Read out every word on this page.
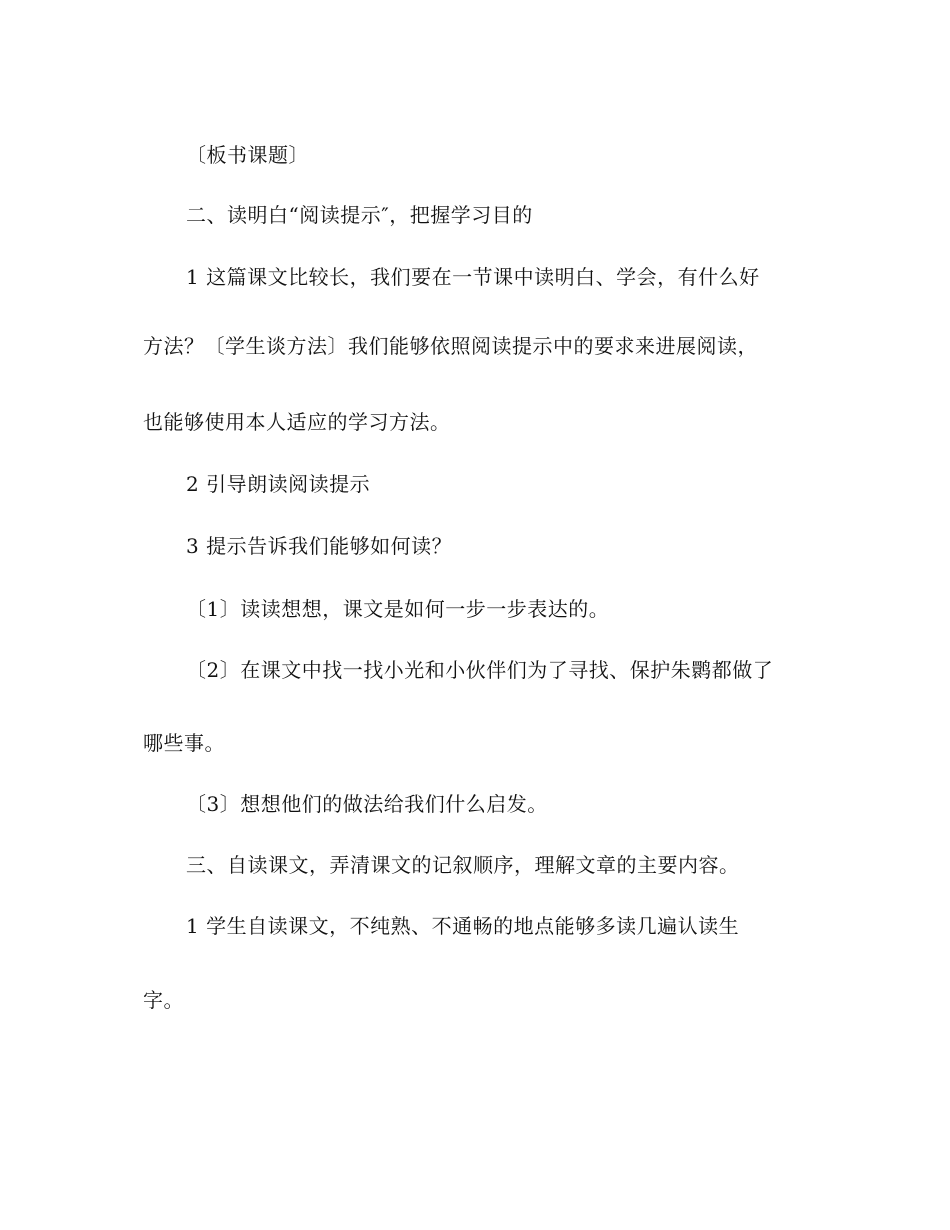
〔板书课题〕
二、读明白“阅读提示″，把握学习目的
1 这篇课文比较长，我们要在一节课中读明白、学会，有什么好
方法？〔学生谈方法〕我们能够依照阅读提示中的要求来进展阅读，
也能够使用本人适应的学习方法。
2 引导朗读阅读提示
3 提示告诉我们能够如何读？
〔1〕读读想想，课文是如何一步一步表达的。
〔2〕在课文中找一找小光和小伙伴们为了寻找、保护朱鹮都做了
哪些事。
〔3〕想想他们的做法给我们什么启发。
三、自读课文，弄清课文的记叙顺序，理解文章的主要内容。
1 学生自读课文，不纯熟、不通畅的地点能够多读几遍认读生
字。
